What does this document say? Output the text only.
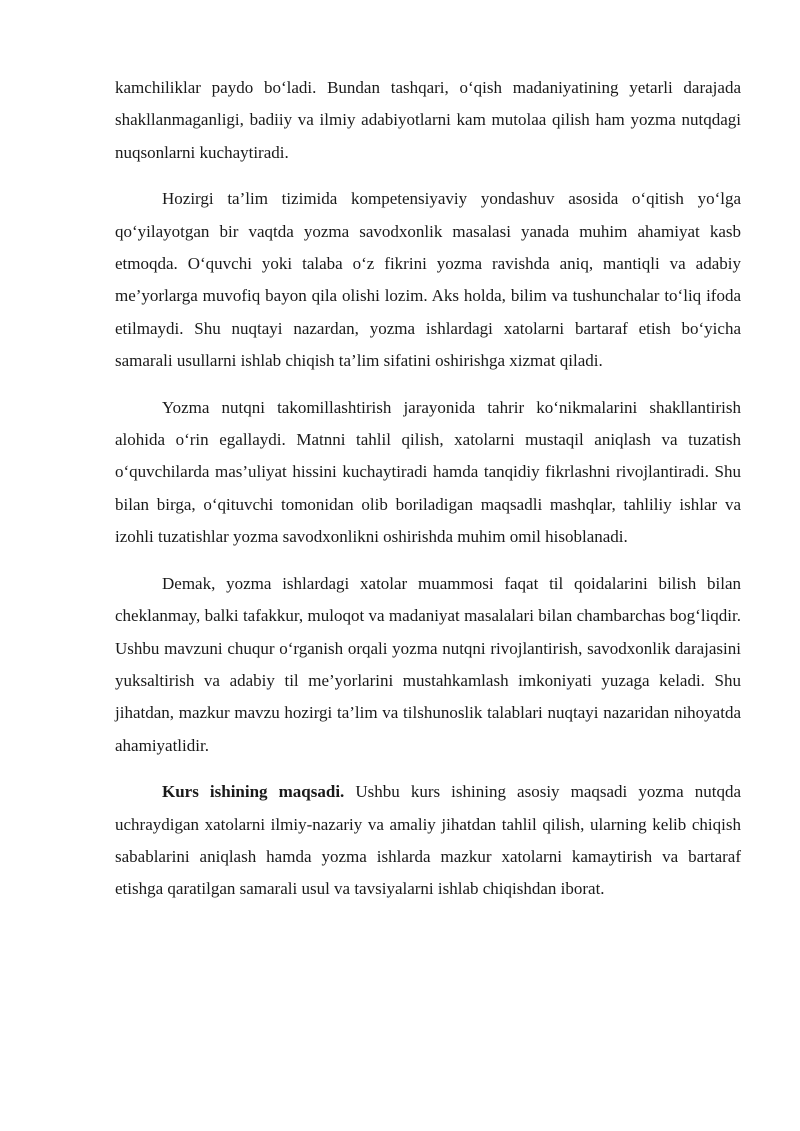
kamchiliklar paydo bo‘ladi. Bundan tashqari, o‘qish madaniyatining yetarli darajada shakllanmaganligi, badiiy va ilmiy adabiyotlarni kam mutolaa qilish ham yozma nutqdagi nuqsonlarni kuchaytiradi.

Hozirgi ta’lim tizimida kompetensiyaviy yondashuv asosida o‘qitish yo‘lga qo‘yilayotgan bir vaqtda yozma savodxonlik masalasi yanada muhim ahamiyat kasb etmoqda. O‘quvchi yoki talaba o‘z fikrini yozma ravishda aniq, mantiqli va adabiy me’yorlarga muvofiq bayon qila olishi lozim. Aks holda, bilim va tushunchalar to‘liq ifoda etilmaydi. Shu nuqtayi nazardan, yozma ishlardagi xatolarni bartaraf etish bo‘yicha samarali usullarni ishlab chiqish ta’lim sifatini oshirishga xizmat qiladi.

Yozma nutqni takomillashtirish jarayonida tahrir ko‘nikmalarini shakllantirish alohida o‘rin egallaydi. Matnni tahlil qilish, xatolarni mustaqil aniqlash va tuzatish o‘quvchilarda mas’uliyat hissini kuchaytiradi hamda tanqidiy fikrlashni rivojlantiradi. Shu bilan birga, o‘qituvchi tomonidan olib boriladigan maqsadli mashqlar, tahliliy ishlar va izohli tuzatishlar yozma savodxonlikni oshirishda muhim omil hisoblanadi.

Demak, yozma ishlardagi xatolar muammosi faqat til qoidalarini bilish bilan cheklanmay, balki tafakkur, muloqot va madaniyat masalalari bilan chambarchas bog‘liqdir. Ushbu mavzuni chuqur o‘rganish orqali yozma nutqni rivojlantirish, savodxonlik darajasini yuksaltirish va adabiy til me’yorlarini mustahkamlash imkoniyati yuzaga keladi. Shu jihatdan, mazkur mavzu hozirgi ta’lim va tilshunoslik talablari nuqtayi nazaridan nihoyatda ahamiyatlidir.

Kurs ishining maqsadi. Ushbu kurs ishining asosiy maqsadi yozma nutqda uchraydigan xatolarni ilmiy-nazariy va amaliy jihatdan tahlil qilish, ularning kelib chiqish sabablarini aniqlash hamda yozma ishlarda mazkur xatolarni kamaytirish va bartaraf etishga qaratilgan samarali usul va tavsiyalarni ishlab chiqishdan iborat.
